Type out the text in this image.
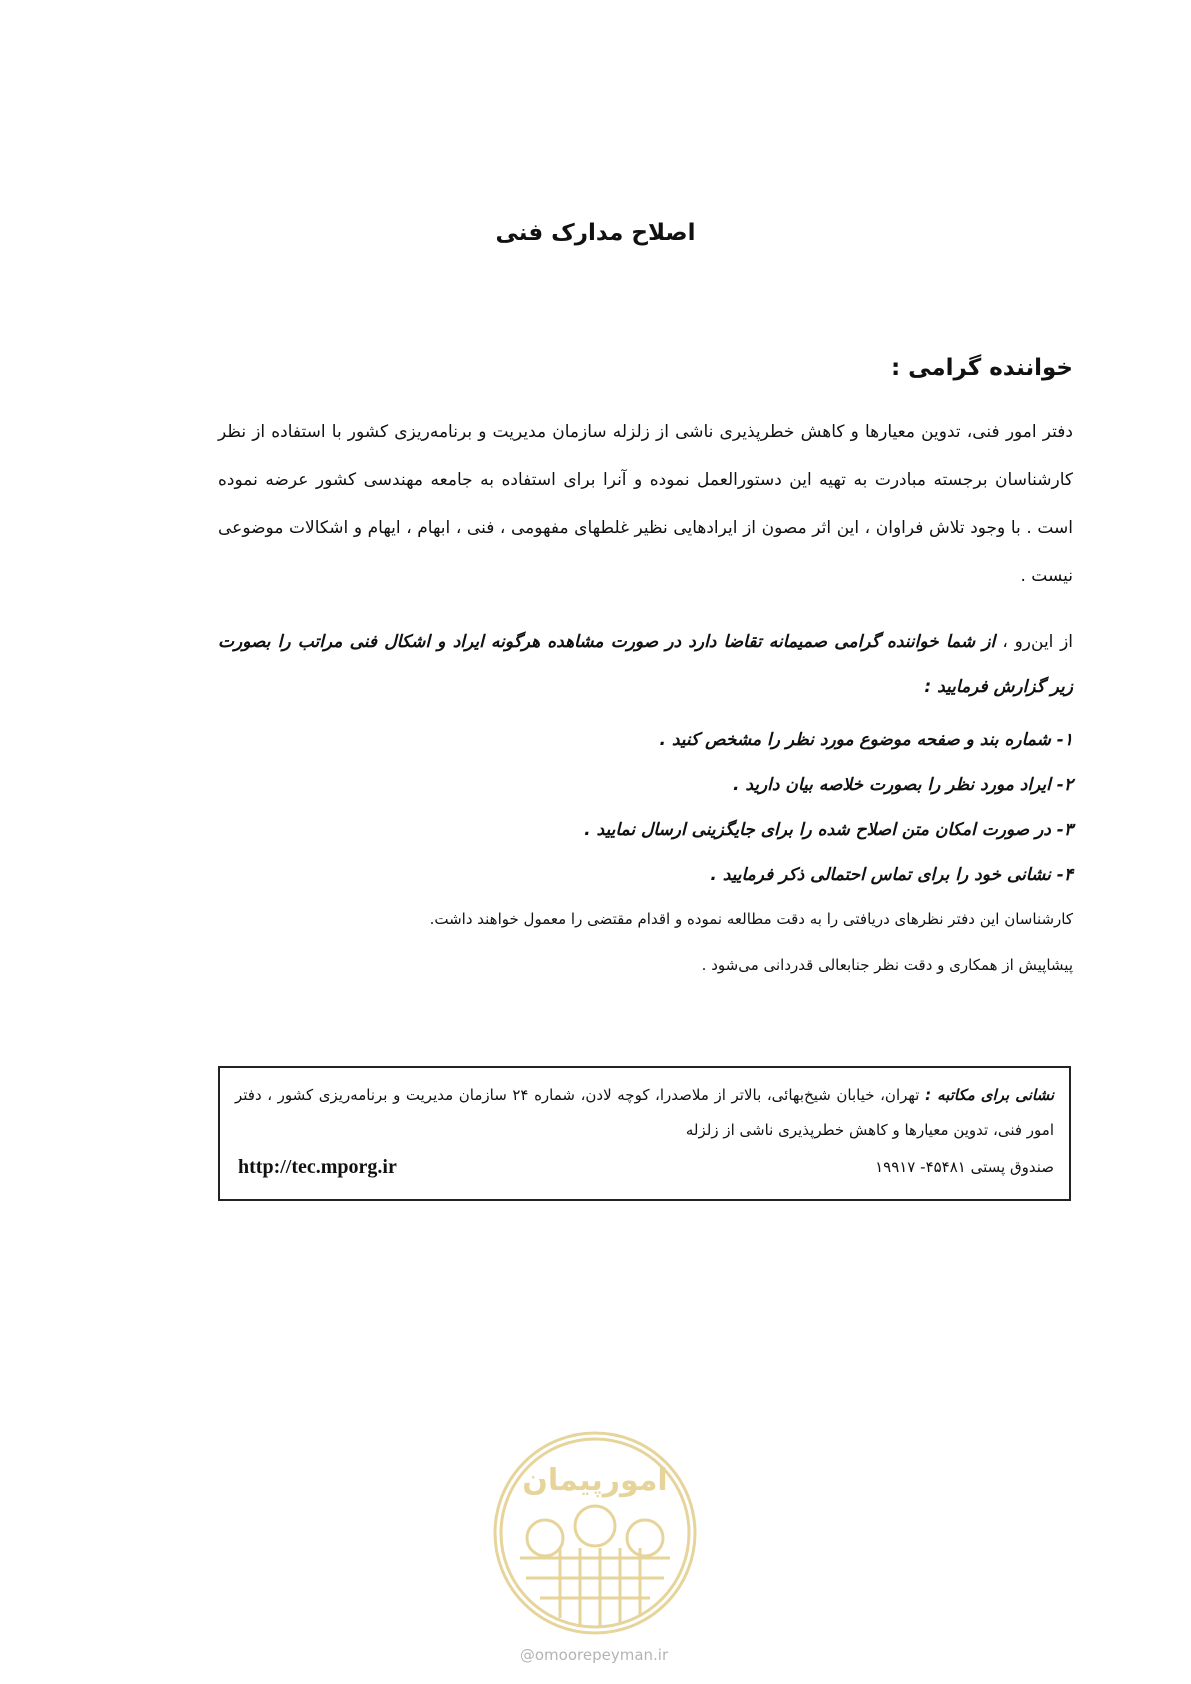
اصلاح مدارک فنی
خواننده گرامی :

دفتر امور فنی، تدوین معیارها و کاهش خطرپذیری ناشی از زلزله سازمان مدیریت و برنامه‌ریزی کشور با استفاده از نظر کارشناسان برجسته مبادرت به تهیه این دستورالعمل نموده و آنرا برای استفاده به جامعه مهندسی کشور عرضه نموده است . با وجود تلاش فراوان ، این اثر مصون از ایرادهایی نظیر غلطهای مفهومی ، فنی ، ابهام ، ایهام و اشکالات موضوعی نیست .

از این‌رو ، از شما خواننده گرامی صمیمانه تقاضا دارد در صورت مشاهده هرگونه ایراد و اشکال فنی مراتب را بصورت زیر گزارش فرمایید :

۱- شماره بند و صفحه موضوع مورد نظر را مشخص کنید .
۲- ایراد مورد نظر را بصورت خلاصه بیان دارید .
۳- در صورت امکان متن اصلاح شده را برای جایگزینی ارسال نمایید .
۴- نشانی خود را برای تماس احتمالی ذکر فرمایید .
کارشناسان این دفتر نظرهای دریافتی را به دقت مطالعه نموده و اقدام مقتضی را معمول خواهند داشت.
پیشاپیش از همکاری و دقت نظر جنابعالی قدردانی می‌شود .
نشانی برای مکاتبه : تهران، خیابان شیخ‌بهائی، بالاتر از ملاصدرا، کوچه لادن، شماره ۲۴ سازمان مدیریت و برنامه‌ریزی کشور ، دفتر امور فنی، تدوین معیارها و کاهش خطرپذیری ناشی از زلزله
صندوق پستی ۴۵۴۸۱- ۱۹۹۱۷
http://tec.mporg.ir
امورپیمان
@omoorepeyman.ir
